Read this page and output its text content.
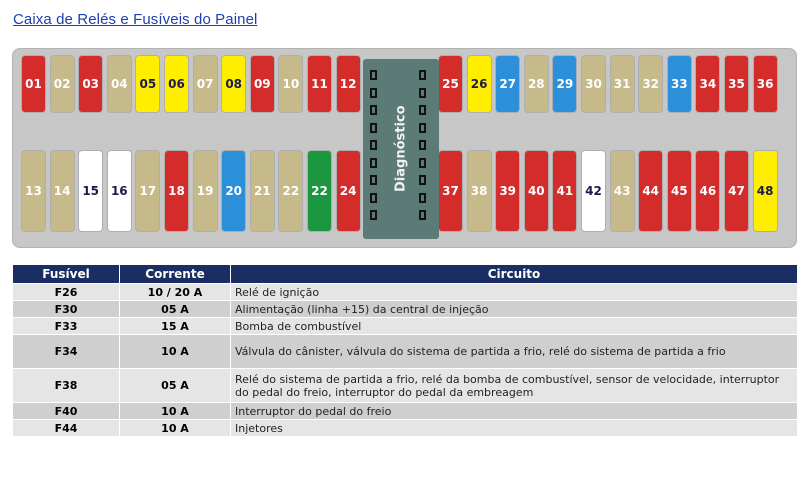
Caixa de Relés e Fusíveis do Painel
01 02 03 04 05 06 07 08 09 10 11 12	25 26 27 28 29 30 31 32 33 34 35 36
13 14 15 16 17 18 19 20 21 22 22 24	37 38 39 40 41 42 43 44 45 46 47 48
Diagnóstico
Fusível	Corrente	Circuito
F26	10 / 20 A	Relé de ignição
F30	05 A	Alimentação (linha +15) da central de injeção
F33	15 A	Bomba de combustível
F34	10 A	Válvula do cânister, válvula do sistema de partida a frio, relé do sistema de partida a frio
F38	05 A	Relé do sistema de partida a frio, relé da bomba de combustível, sensor de velocidade, interruptor do pedal do freio, interruptor do pedal da embreagem
F40	10 A	Interruptor do pedal do freio
F44	10 A	Injetores
